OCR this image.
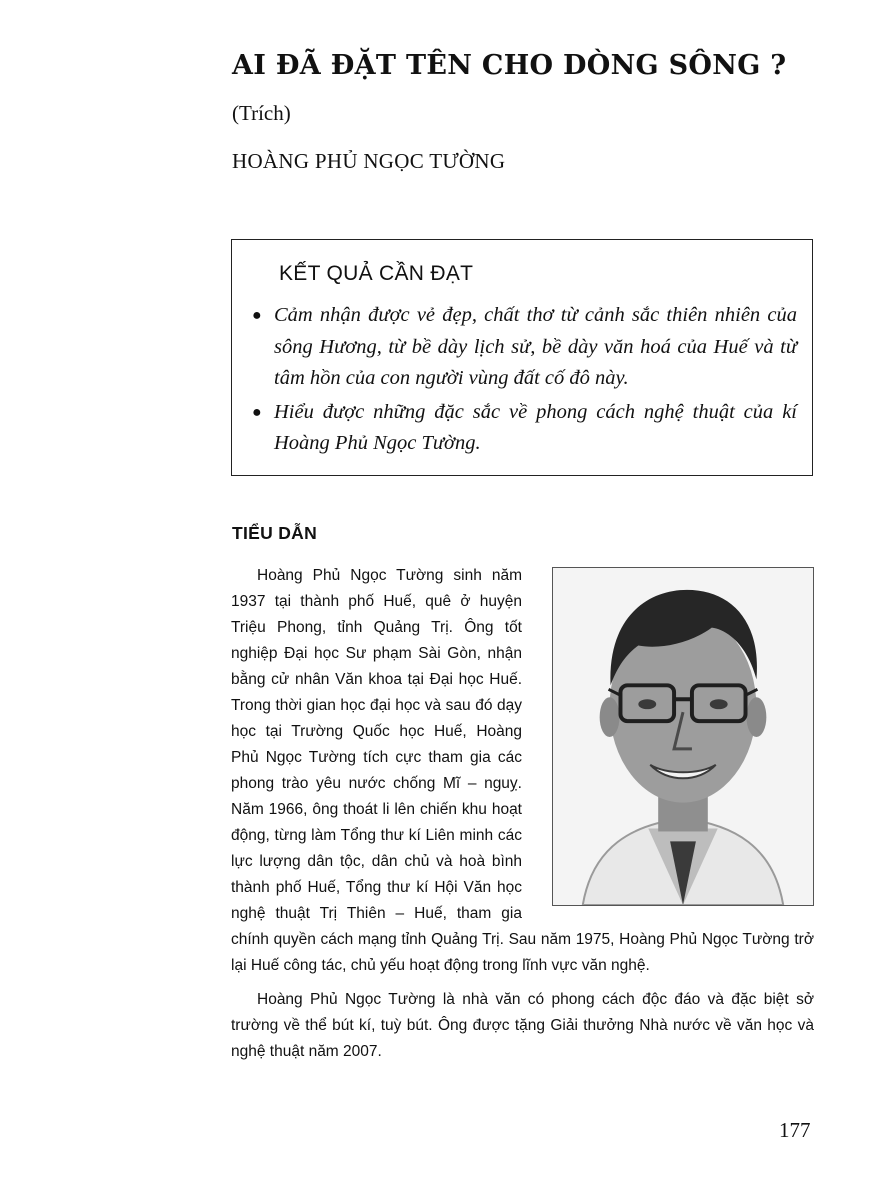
AI ĐÃ ĐẶT TÊN CHO DÒNG SÔNG ?
(Trích)
HOÀNG PHỦ NGỌC TƯỜNG
KẾT QUẢ CẦN ĐẠT
● Cảm nhận được vẻ đẹp, chất thơ từ cảnh sắc thiên nhiên của sông Hương, từ bề dày lịch sử, bề dày văn hoá của Huế và từ tâm hồn của con người vùng đất cố đô này.
● Hiểu được những đặc sắc về phong cách nghệ thuật của kí Hoàng Phủ Ngọc Tường.
TIỂU DẪN

Hoàng Phủ Ngọc Tường sinh năm 1937 tại thành phố Huế, quê ở huyện Triệu Phong, tỉnh Quảng Trị. Ông tốt nghiệp Đại học Sư phạm Sài Gòn, nhận bằng cử nhân Văn khoa tại Đại học Huế. Trong thời gian học đại học và sau đó dạy học tại Trường Quốc học Huế, Hoàng Phủ Ngọc Tường tích cực tham gia các phong trào yêu nước chống Mĩ – nguỵ. Năm 1966, ông thoát li lên chiến khu hoạt động, từng làm Tổng thư kí Liên minh các lực lượng dân tộc, dân chủ và hoà bình thành phố Huế, Tổng thư kí Hội Văn học nghệ thuật Trị Thiên – Huế, tham gia chính quyền cách mạng tỉnh Quảng Trị. Sau năm 1975, Hoàng Phủ Ngọc Tường trở lại Huế công tác, chủ yếu hoạt động trong lĩnh vực văn nghệ.

Hoàng Phủ Ngọc Tường là nhà văn có phong cách độc đáo và đặc biệt sở trường về thể bút kí, tuỳ bút. Ông được tặng Giải thưởng Nhà nước về văn học và nghệ thuật năm 2007.

177
